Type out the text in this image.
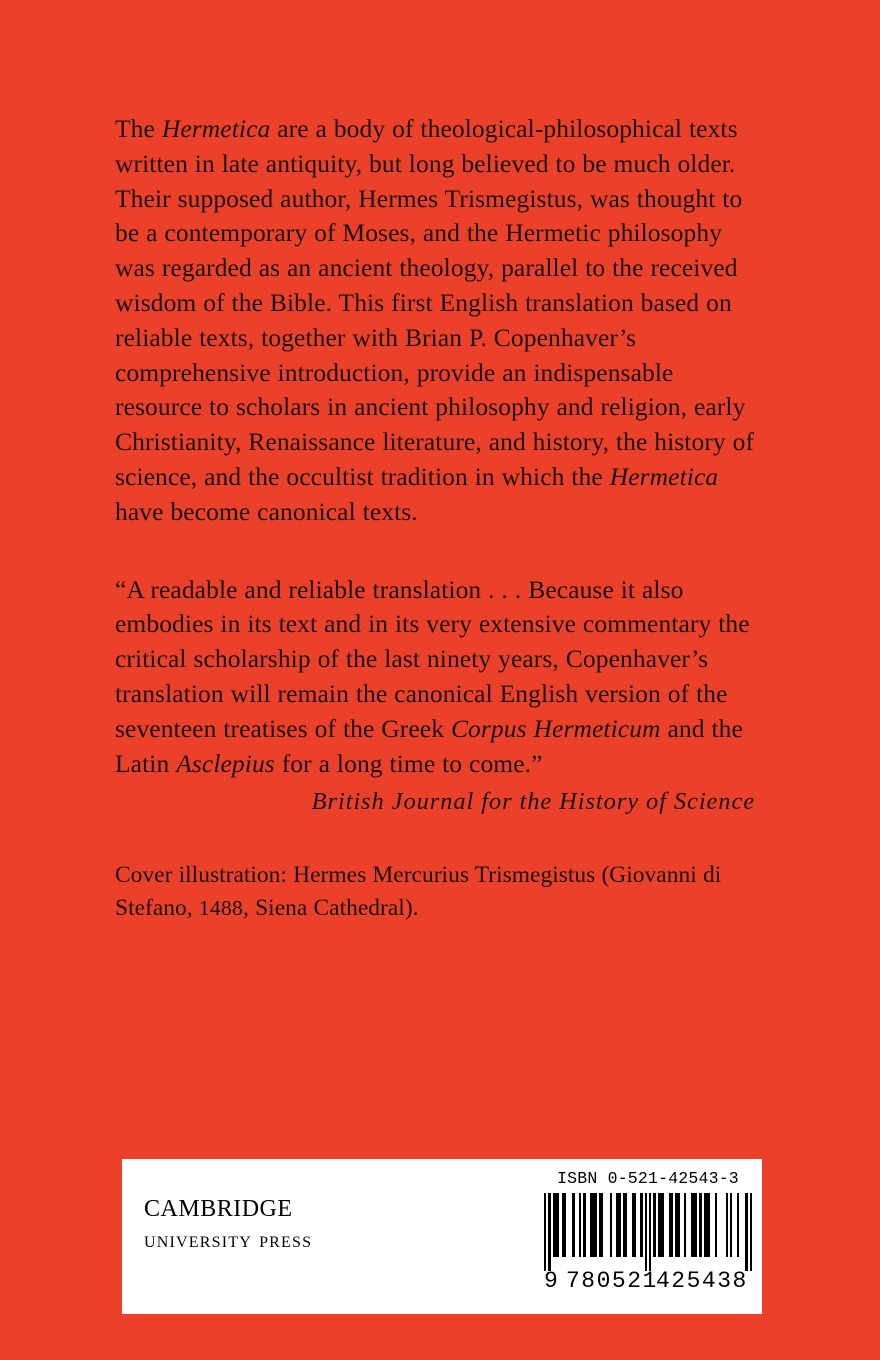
The Hermetica are a body of theological-philosophical texts written in late antiquity, but long believed to be much older. Their supposed author, Hermes Trismegistus, was thought to be a contemporary of Moses, and the Hermetic philosophy was regarded as an ancient theology, parallel to the received wisdom of the Bible. This first English translation based on reliable texts, together with Brian P. Copenhaver’s comprehensive introduction, provide an indispensable resource to scholars in ancient philosophy and religion, early Christianity, Renaissance literature, and history, the history of science, and the occultist tradition in which the Hermetica have become canonical texts.

“A readable and reliable translation . . . Because it also embodies in its text and in its very extensive commentary the critical scholarship of the last ninety years, Copenhaver’s translation will remain the canonical English version of the seventeen treatises of the Greek Corpus Hermeticum and the Latin Asclepius for a long time to come.”

British Journal for the History of Science

Cover illustration: Hermes Mercurius Trismegistus (Giovanni di Stefano, 1488, Siena Cathedral).

cambridge
university press
ISBN 0-521-42543-3
9 780521
425438
